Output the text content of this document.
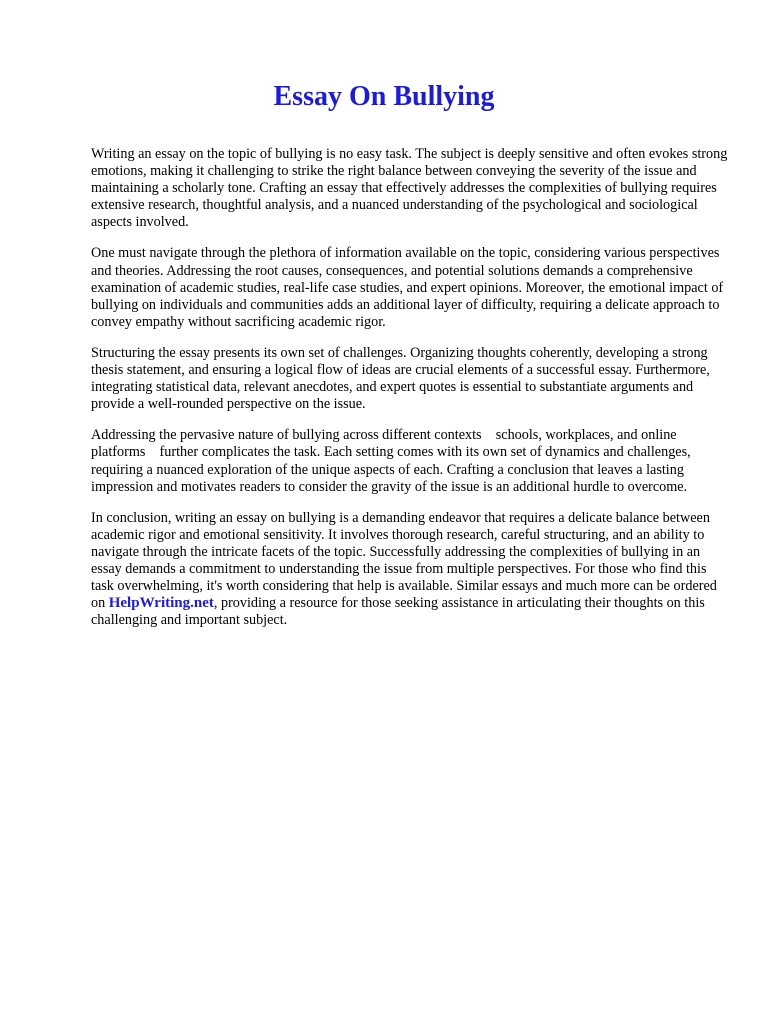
Essay On Bullying

Writing an essay on the topic of bullying is no easy task. The subject is deeply sensitive and often evokes strong emotions, making it challenging to strike the right balance between conveying the severity of the issue and maintaining a scholarly tone. Crafting an essay that effectively addresses the complexities of bullying requires extensive research, thoughtful analysis, and a nuanced understanding of the psychological and sociological aspects involved.

One must navigate through the plethora of information available on the topic, considering various perspectives and theories. Addressing the root causes, consequences, and potential solutions demands a comprehensive examination of academic studies, real-life case studies, and expert opinions. Moreover, the emotional impact of bullying on individuals and communities adds an additional layer of difficulty, requiring a delicate approach to convey empathy without sacrificing academic rigor.

Structuring the essay presents its own set of challenges. Organizing thoughts coherently, developing a strong thesis statement, and ensuring a logical flow of ideas are crucial elements of a successful essay. Furthermore, integrating statistical data, relevant anecdotes, and expert quotes is essential to substantiate arguments and provide a well-rounded perspective on the issue.

Addressing the pervasive nature of bullying across different contexts    schools, workplaces, and online platforms    further complicates the task. Each setting comes with its own set of dynamics and challenges, requiring a nuanced exploration of the unique aspects of each. Crafting a conclusion that leaves a lasting impression and motivates readers to consider the gravity of the issue is an additional hurdle to overcome.

In conclusion, writing an essay on bullying is a demanding endeavor that requires a delicate balance between academic rigor and emotional sensitivity. It involves thorough research, careful structuring, and an ability to navigate through the intricate facets of the topic. Successfully addressing the complexities of bullying in an essay demands a commitment to understanding the issue from multiple perspectives. For those who find this task overwhelming, it's worth considering that help is available. Similar essays and much more can be ordered on HelpWriting.net, providing a resource for those seeking assistance in articulating their thoughts on this challenging and important subject.
